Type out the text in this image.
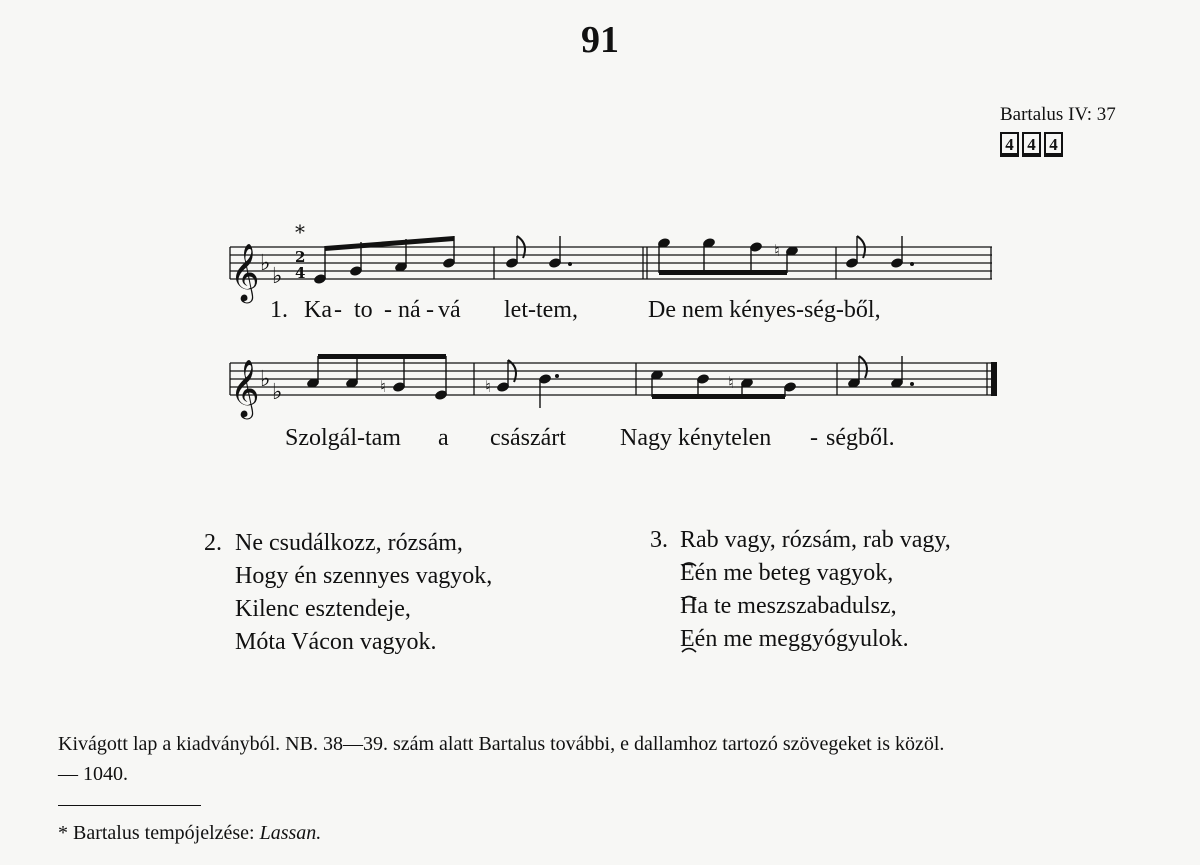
91
Bartalus IV: 37
4 4 4
𝄞 ♭
♭
*
2
4
♮
𝄞 ♭
♭	♮	♮	♮
1. Ka - to - ná - vá let-tem,	De nem kényes-ség-ből,
Szolgál-tam a császárt Nagy kénytelen - ségből.
2. Ne csudálkozz, rózsám,
Hogy én szennyes vagyok,
Kilenc esztendeje,
Móta Vácon vagyok.
3. Rab vagy, rózsám, rab vagy,
Eén me beteg vagyok,
Ha te meszszabadulsz,
Eén me meggyógyulok.
Kivágott lap a kiadványból. NB. 38—39. szám alatt Bartalus további, e dallamhoz tartozó szövegeket is közöl.
— 1040.
* Bartalus tempójelzése: Lassan.
